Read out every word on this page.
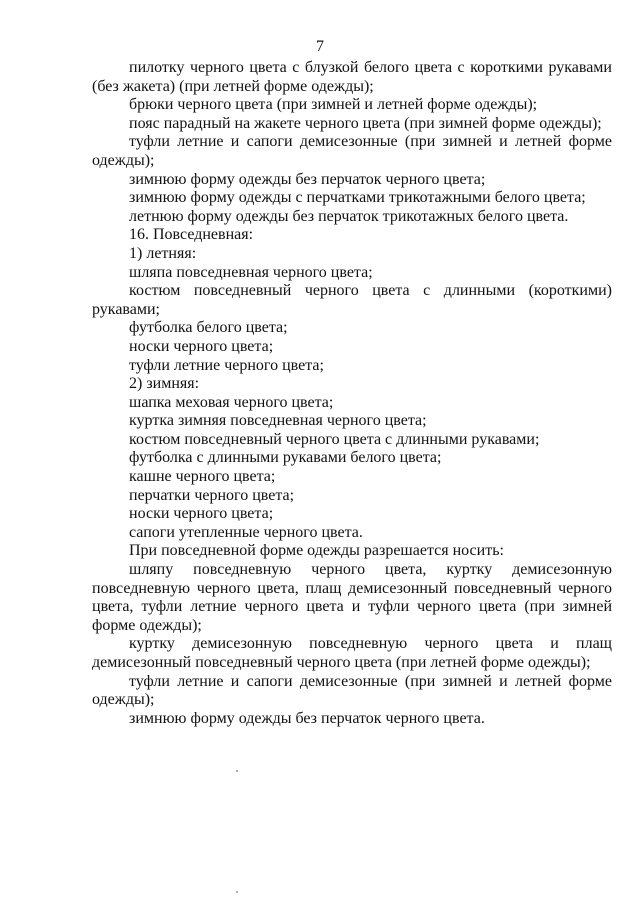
7

пилотку черного цвета с блузкой белого цвета с короткими рукавами (без жакета) (при летней форме одежды);

брюки черного цвета (при зимней и летней форме одежды);

пояс парадный на жакете черного цвета (при зимней форме одежды);

туфли летние и сапоги демисезонные (при зимней и летней форме одежды);

зимнюю форму одежды без перчаток черного цвета;

зимнюю форму одежды с перчатками трикотажными белого цвета;

летнюю форму одежды без перчаток трикотажных белого цвета.

16. Повседневная:

1) летняя:

шляпа повседневная черного цвета;

костюм повседневный черного цвета с длинными (короткими) рукавами;

футболка белого цвета;

носки черного цвета;

туфли летние черного цвета;

2) зимняя:

шапка меховая черного цвета;

куртка зимняя повседневная черного цвета;

костюм повседневный черного цвета с длинными рукавами;

футболка с длинными рукавами белого цвета;

кашне черного цвета;

перчатки черного цвета;

носки черного цвета;

сапоги утепленные черного цвета.

При повседневной форме одежды разрешается носить:

шляпу повседневную черного цвета, куртку демисезонную повседневную черного цвета, плащ демисезонный повседневный черного цвета, туфли летние черного цвета и туфли черного цвета (при зимней форме одежды);

куртку демисезонную повседневную черного цвета и плащ демисезонный повседневный черного цвета (при летней форме одежды);

туфли летние и сапоги демисезонные (при зимней и летней форме одежды);

зимнюю форму одежды без перчаток черного цвета.
